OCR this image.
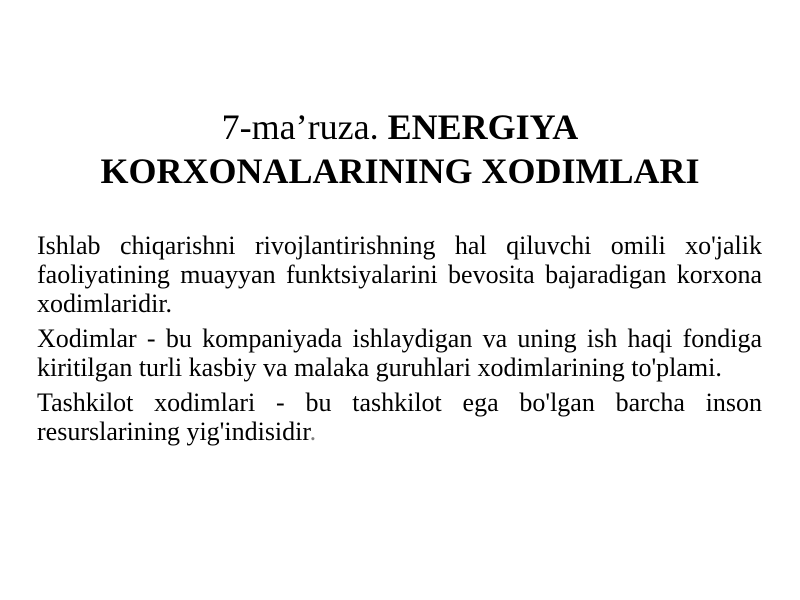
7-ma’ruza. ENERGIYA KORXONALARINING XODIMLARI

Ishlab chiqarishni rivojlantirishning hal qiluvchi omili xo'jalik faoliyatining muayyan funktsiyalarini bevosita bajaradigan korxona xodimlaridir.

Xodimlar - bu kompaniyada ishlaydigan va uning ish haqi fondiga kiritilgan turli kasbiy va malaka guruhlari xodimlarining to'plami.

Tashkilot xodimlari - bu tashkilot ega bo'lgan barcha inson resurslarining yig'indisidir.
